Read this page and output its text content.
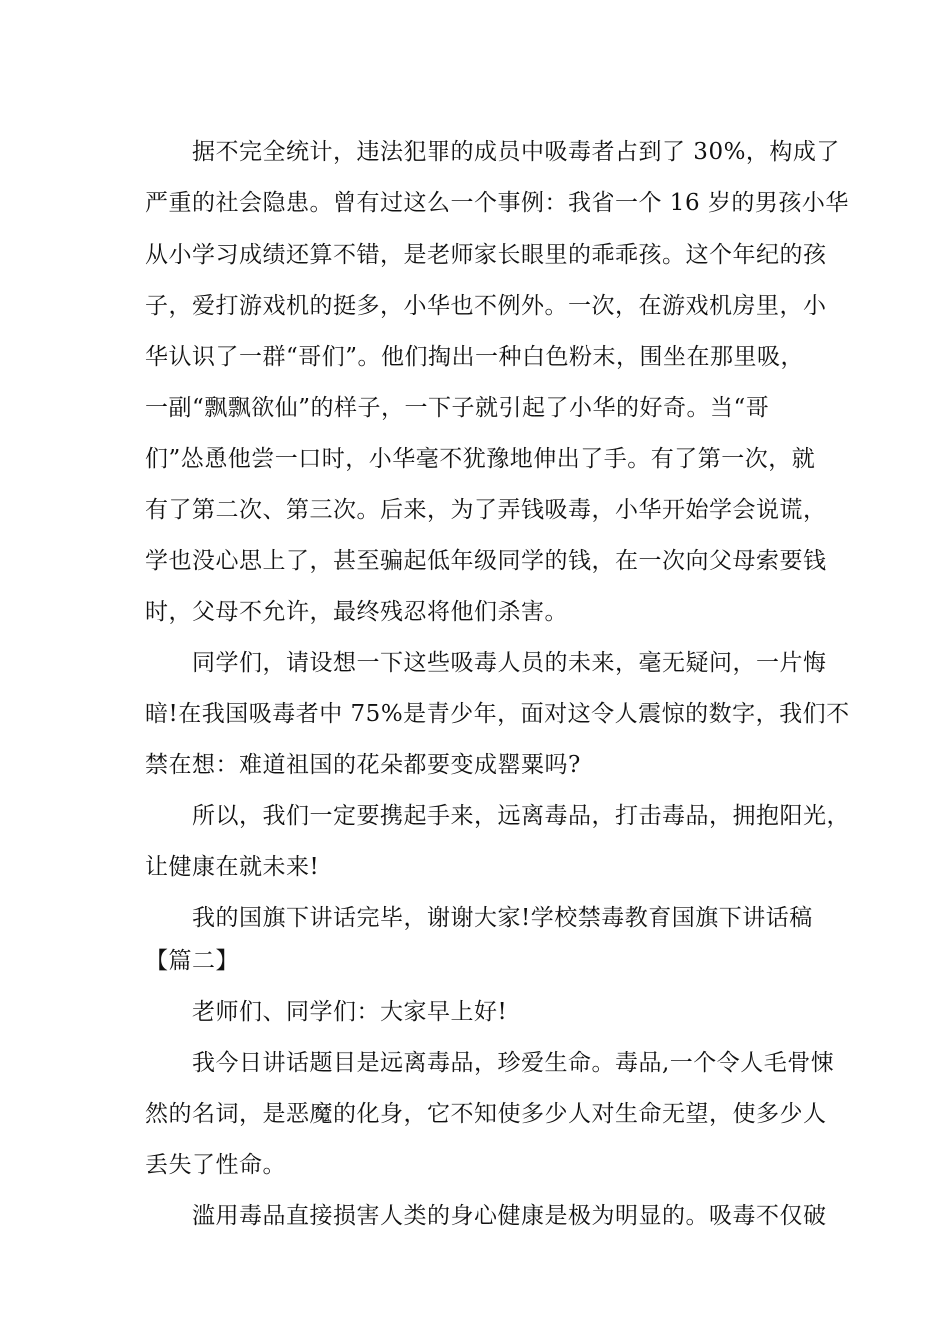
据不完全统计，违法犯罪的成员中吸毒者占到了 30%，构成了
严重的社会隐患。曾有过这么一个事例：我省一个 16 岁的男孩小华
从小学习成绩还算不错，是老师家长眼里的乖乖孩。这个年纪的孩
子，爱打游戏机的挺多，小华也不例外。一次，在游戏机房里，小
华认识了一群“哥们”。他们掏出一种白色粉末，围坐在那里吸，
一副“飘飘欲仙”的样子，一下子就引起了小华的好奇。当“哥
们”怂恿他尝一口时，小华毫不犹豫地伸出了手。有了第一次，就
有了第二次、第三次。后来，为了弄钱吸毒，小华开始学会说谎，
学也没心思上了，甚至骗起低年级同学的钱，在一次向父母索要钱
时，父母不允许，最终残忍将他们杀害。
同学们，请设想一下这些吸毒人员的未来，毫无疑问，一片悔
暗!在我国吸毒者中 75%是青少年，面对这令人震惊的数字，我们不
禁在想：难道祖国的花朵都要变成罂粟吗?
所以，我们一定要携起手来，远离毒品，打击毒品，拥抱阳光，
让健康在就未来!
我的国旗下讲话完毕，谢谢大家!学校禁毒教育国旗下讲话稿
【篇二】
老师们、同学们：大家早上好!
我今日讲话题目是远离毒品，珍爱生命。毒品,一个令人毛骨悚
然的名词，是恶魔的化身，它不知使多少人对生命无望，使多少人
丢失了性命。
滥用毒品直接损害人类的身心健康是极为明显的。吸毒不仅破
